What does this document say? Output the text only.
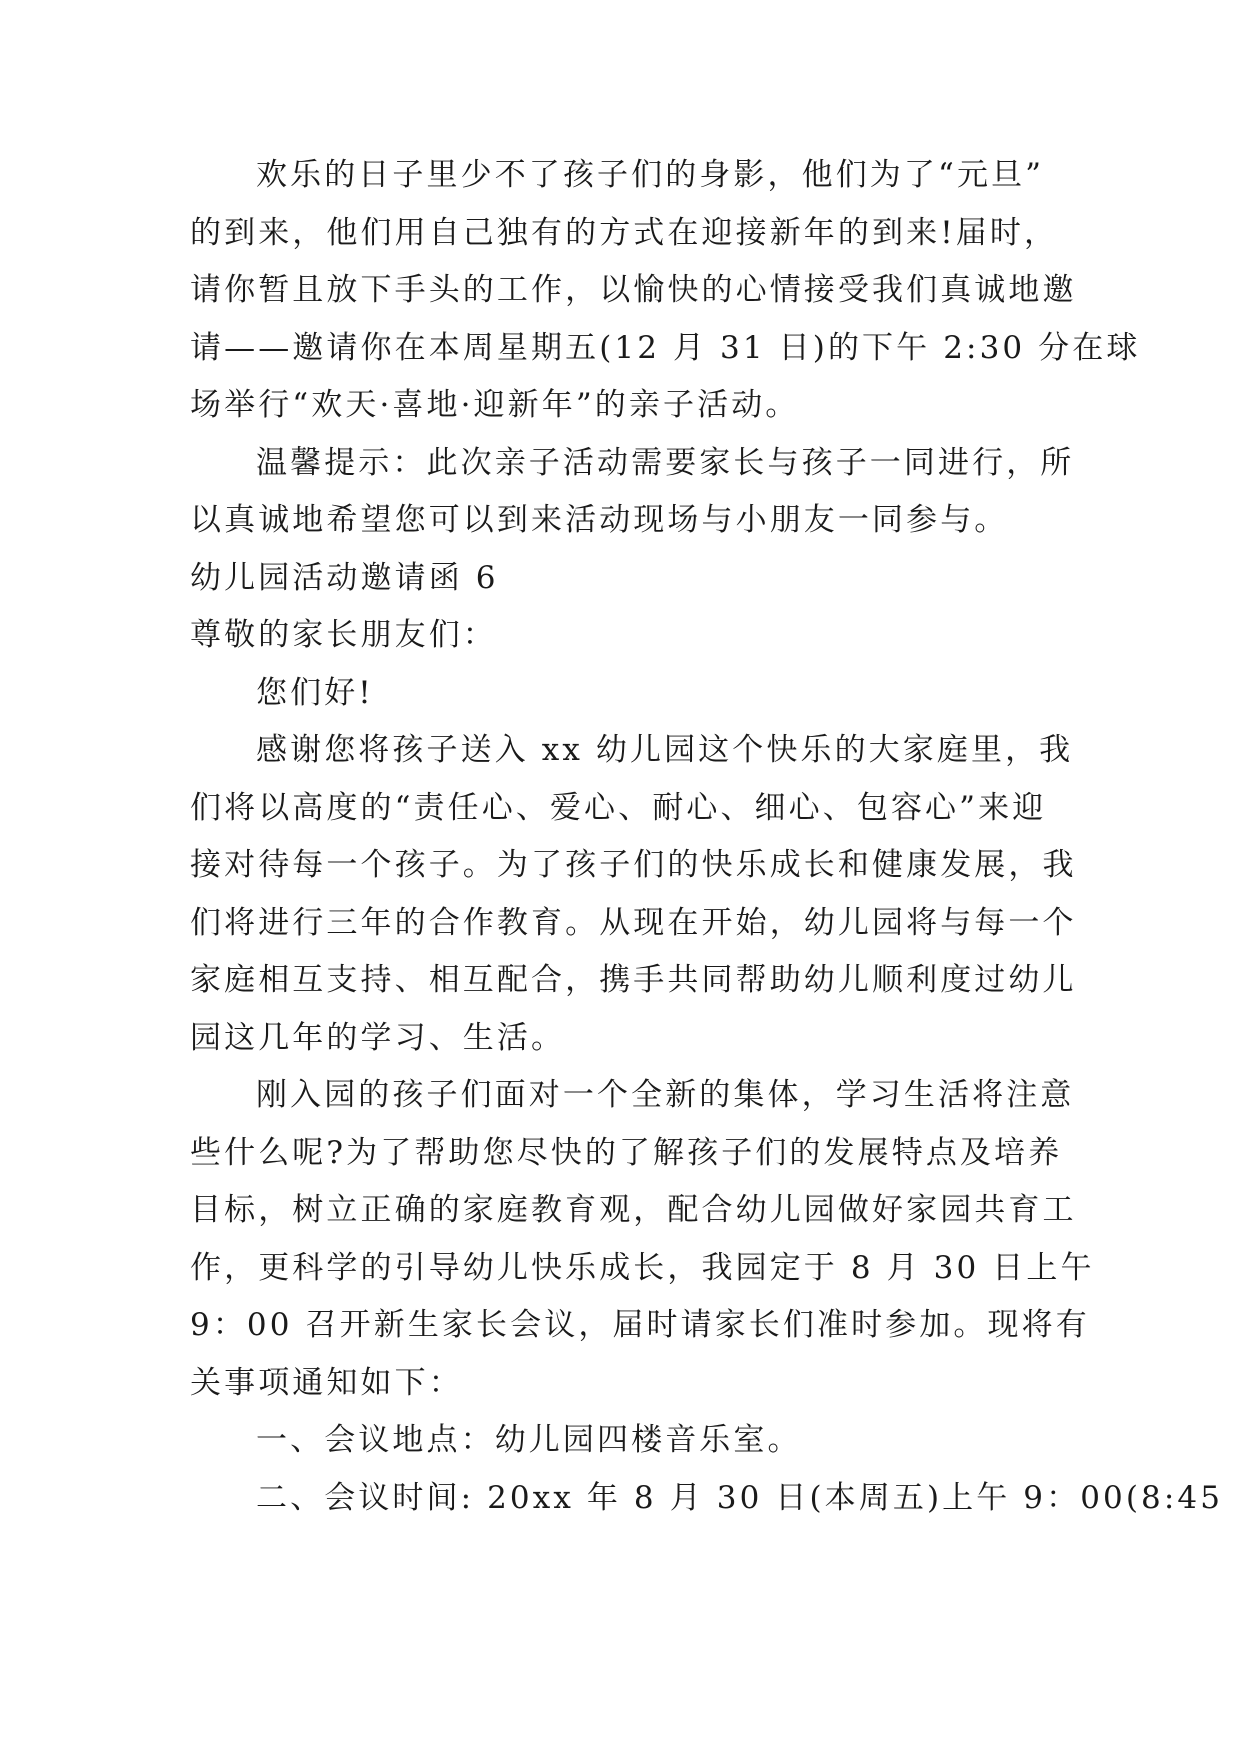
欢乐的日子里少不了孩子们的身影，他们为了“元旦”
的到来，他们用自己独有的方式在迎接新年的到来!届时，
请你暂且放下手头的工作，以愉快的心情接受我们真诚地邀
请——邀请你在本周星期五(12 月 31 日)的下午 2:30 分在球
场举行“欢天·喜地·迎新年”的亲子活动。
温馨提示：此次亲子活动需要家长与孩子一同进行，所
以真诚地希望您可以到来活动现场与小朋友一同参与。
幼儿园活动邀请函 6
尊敬的家长朋友们：
您们好!
感谢您将孩子送入 xx 幼儿园这个快乐的大家庭里，我
们将以高度的“责任心、爱心、耐心、细心、包容心”来迎
接对待每一个孩子。为了孩子们的快乐成长和健康发展，我
们将进行三年的合作教育。从现在开始，幼儿园将与每一个
家庭相互支持、相互配合，携手共同帮助幼儿顺利度过幼儿
园这几年的学习、生活。
刚入园的孩子们面对一个全新的集体，学习生活将注意
些什么呢?为了帮助您尽快的了解孩子们的发展特点及培养
目标，树立正确的家庭教育观，配合幼儿园做好家园共育工
作，更科学的引导幼儿快乐成长，我园定于 8 月 30 日上午
9：00 召开新生家长会议，届时请家长们准时参加。现将有
关事项通知如下：
一、会议地点：幼儿园四楼音乐室。
二、会议时间: 20xx 年 8 月 30 日(本周五)上午 9：00(8:45
